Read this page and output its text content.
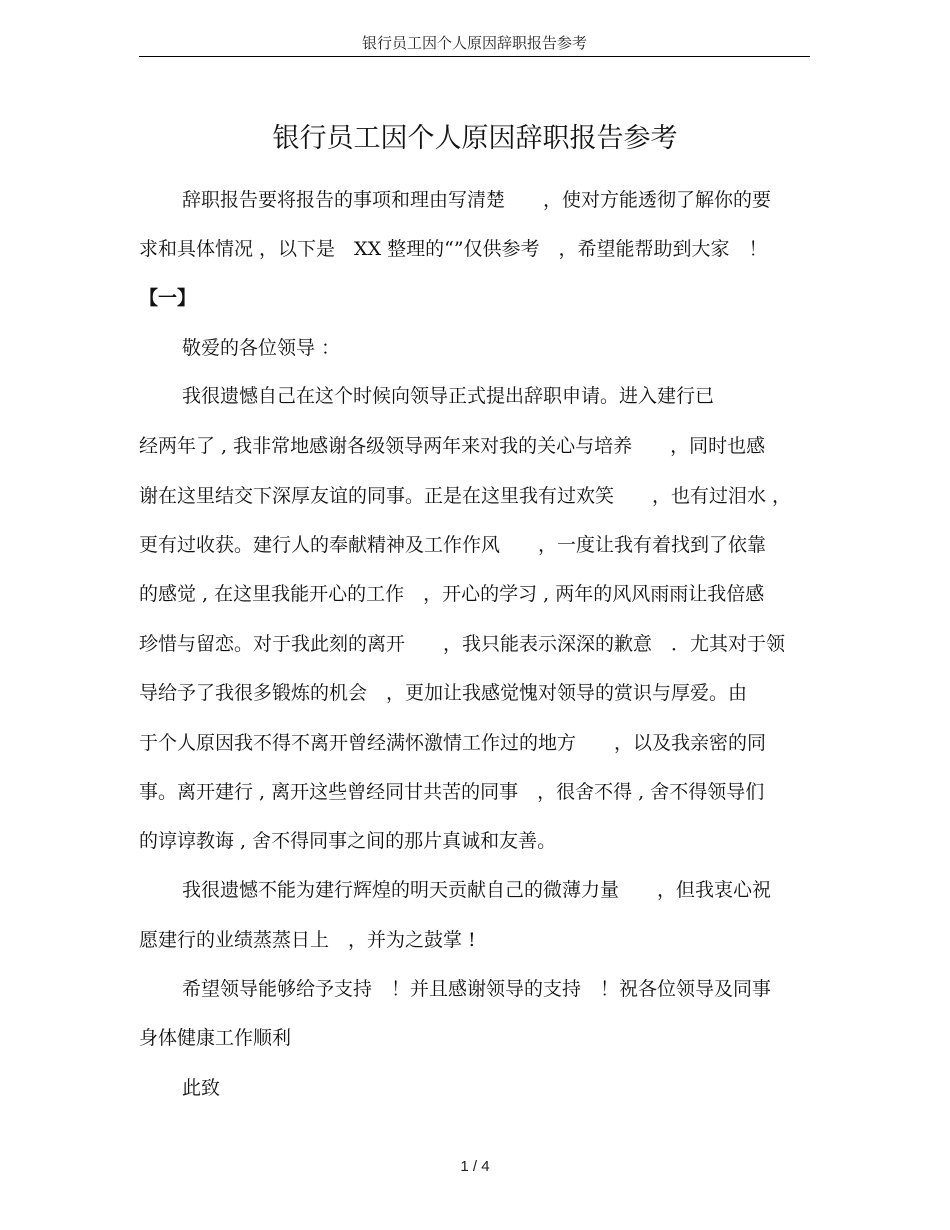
银行员工因个人原因辞职报告参考
银行员工因个人原因辞职报告参考
辞职报告要将报告的事项和理由写清楚　　，使对方能透彻了解你的要
求和具体情况 ，以下是　XX 整理的“”仅供参考　，希望能帮助到大家　！
【一】
敬爱的各位领导 ：
我很遗憾自己在这个时候向领导正式提出辞职申请。进入建行已
经两年了 , 我非常地感谢各级领导两年来对我的关心与培养　　，同时也感
谢在这里结交下深厚友谊的同事。正是在这里我有过欢笑　　，也有过泪水 ，
更有过收获。建行人的奉献精神及工作作风　　，一度让我有着找到了依靠
的感觉 , 在这里我能开心的工作　，开心的学习 , 两年的风风雨雨让我倍感
珍惜与留恋。对于我此刻的离开　　，我只能表示深深的歉意　．尤其对于领
导给予了我很多锻炼的机会　，更加让我感觉愧对领导的赏识与厚爱。由
于个人原因我不得不离开曾经满怀激情工作过的地方　　，以及我亲密的同
事。离开建行 , 离开这些曾经同甘共苦的同事　，很舍不得 , 舍不得领导们
的谆谆教诲 , 舍不得同事之间的那片真诚和友善。
我很遗憾不能为建行辉煌的明天贡献自己的微薄力量　　，但我衷心祝
愿建行的业绩蒸蒸日上　，并为之鼓掌 !
希望领导能够给予支持　！并且感谢领导的支持　！祝各位领导及同事
身体健康工作顺利
此致
1 / 4
